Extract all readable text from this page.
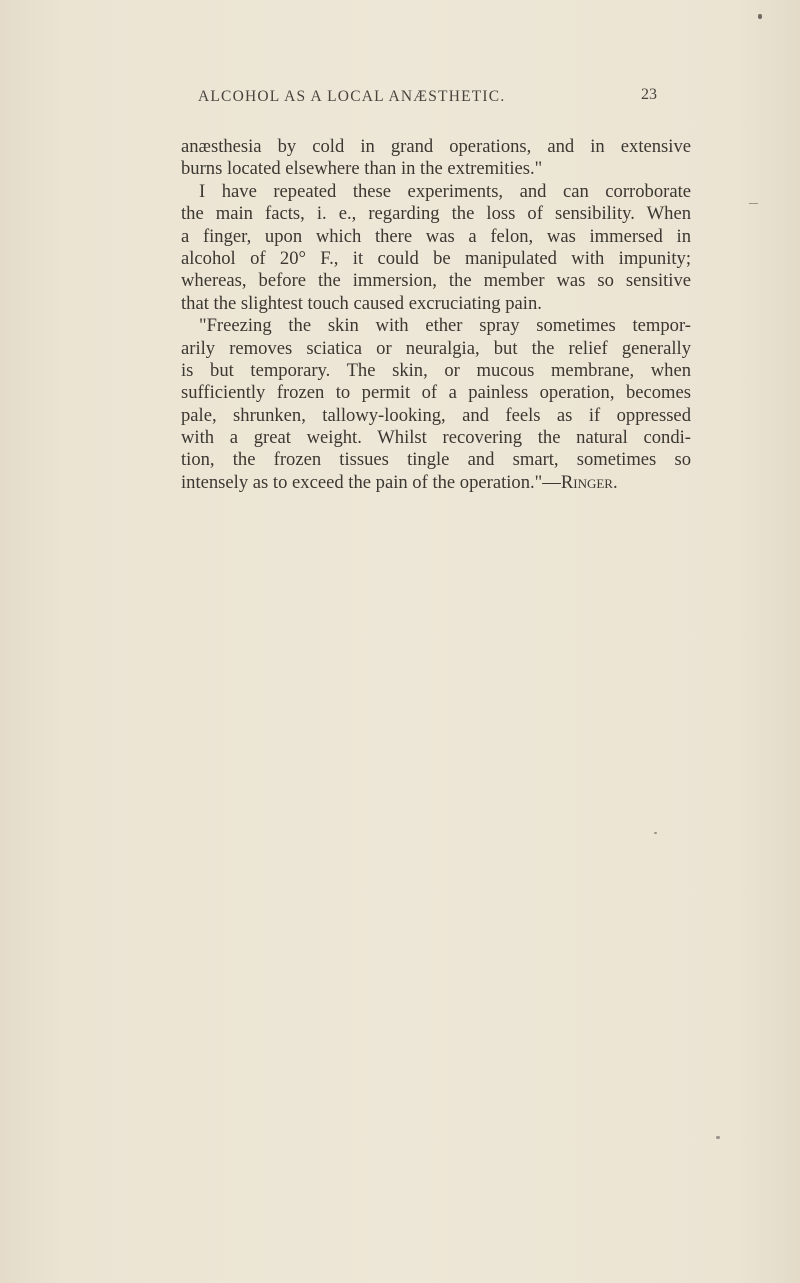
ALCOHOL AS A LOCAL ANÆSTHETIC.	23
anæsthesia by cold in grand operations, and in extensive
burns located elsewhere than in the extremities."
I have repeated these experiments, and can corroborate
the main facts, i. e., regarding the loss of sensibility. When
a finger, upon which there was a felon, was immersed in
alcohol of 20° F., it could be manipulated with impunity;
whereas, before the immersion, the member was so sensitive
that the slightest touch caused excruciating pain.
"Freezing the skin with ether spray sometimes tempor-
arily removes sciatica or neuralgia, but the relief generally
is but temporary. The skin, or mucous membrane, when
sufficiently frozen to permit of a painless operation, becomes
pale, shrunken, tallowy-looking, and feels as if oppressed
with a great weight. Whilst recovering the natural condi-
tion, the frozen tissues tingle and smart, sometimes so
intensely as to exceed the pain of the operation."—Ringer.
